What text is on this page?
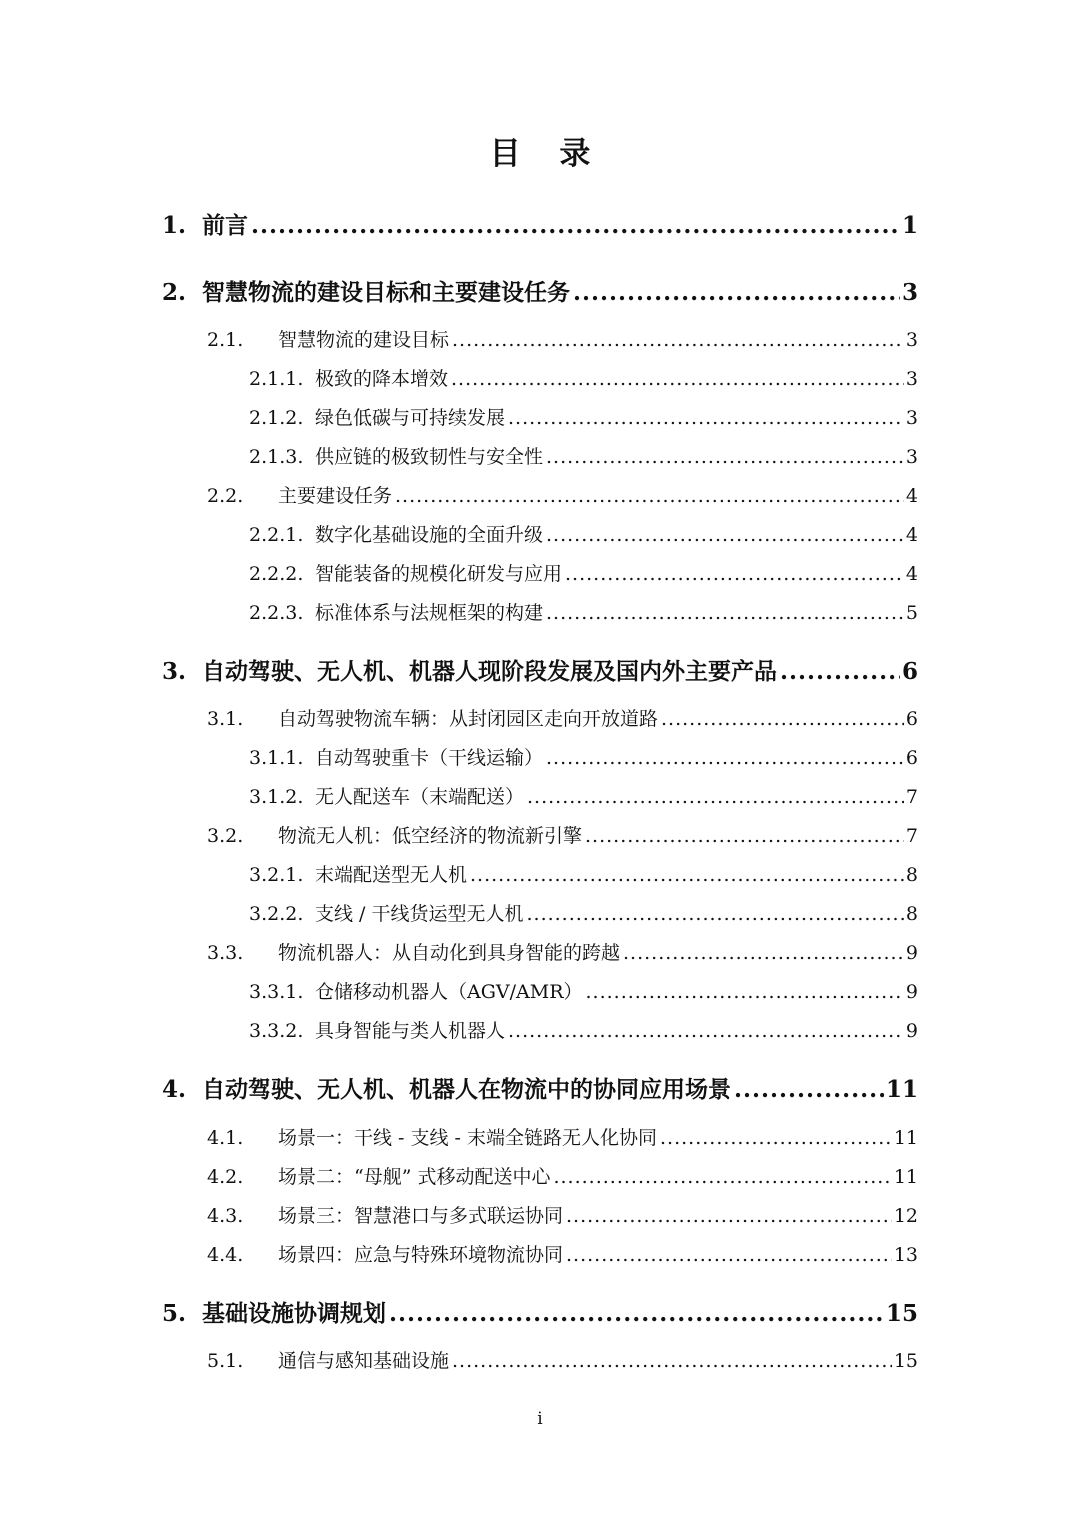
目 录
1. 前言 .....	1
2. 智慧物流的建设目标和主要建设任务 .....	3
2.1.	智慧物流的建设目标 .....	3
2.1.1. 极致的降本增效 .....	3
2.1.2. 绿色低碳与可持续发展 .....	3
2.1.3. 供应链的极致韧性与安全性 .....	3
2.2.	主要建设任务 .....	4
2.2.1. 数字化基础设施的全面升级 .....	4
2.2.2. 智能装备的规模化研发与应用 .....	4
2.2.3. 标准体系与法规框架的构建 .....	5
3. 自动驾驶、无人机、机器人现阶段发展及国内外主要产品 .....	6
3.1.	自动驾驶物流车辆：从封闭园区走向开放道路 .....	6
3.1.1. 自动驾驶重卡（干线运输） .....	6
3.1.2. 无人配送车（末端配送） .....	7
3.2.	物流无人机：低空经济的物流新引擎 .....	7
3.2.1. 末端配送型无人机 .....	8
3.2.2. 支线 / 干线货运型无人机 .....	8
3.3.	物流机器人：从自动化到具身智能的跨越 .....	9
3.3.1. 仓储移动机器人（AGV/AMR） .....	9
3.3.2. 具身智能与类人机器人 .....	9
4. 自动驾驶、无人机、机器人在物流中的协同应用场景 .....	11
4.1.	场景一：干线 - 支线 - 末端全链路无人化协同 .....	11
4.2.	场景二：“母舰” 式移动配送中心 .....	11
4.3.	场景三：智慧港口与多式联运协同 .....	12
4.4.	场景四：应急与特殊环境物流协同 .....	13
5. 基础设施协调规划 .....	15
5.1.	通信与感知基础设施 .....	15
i
